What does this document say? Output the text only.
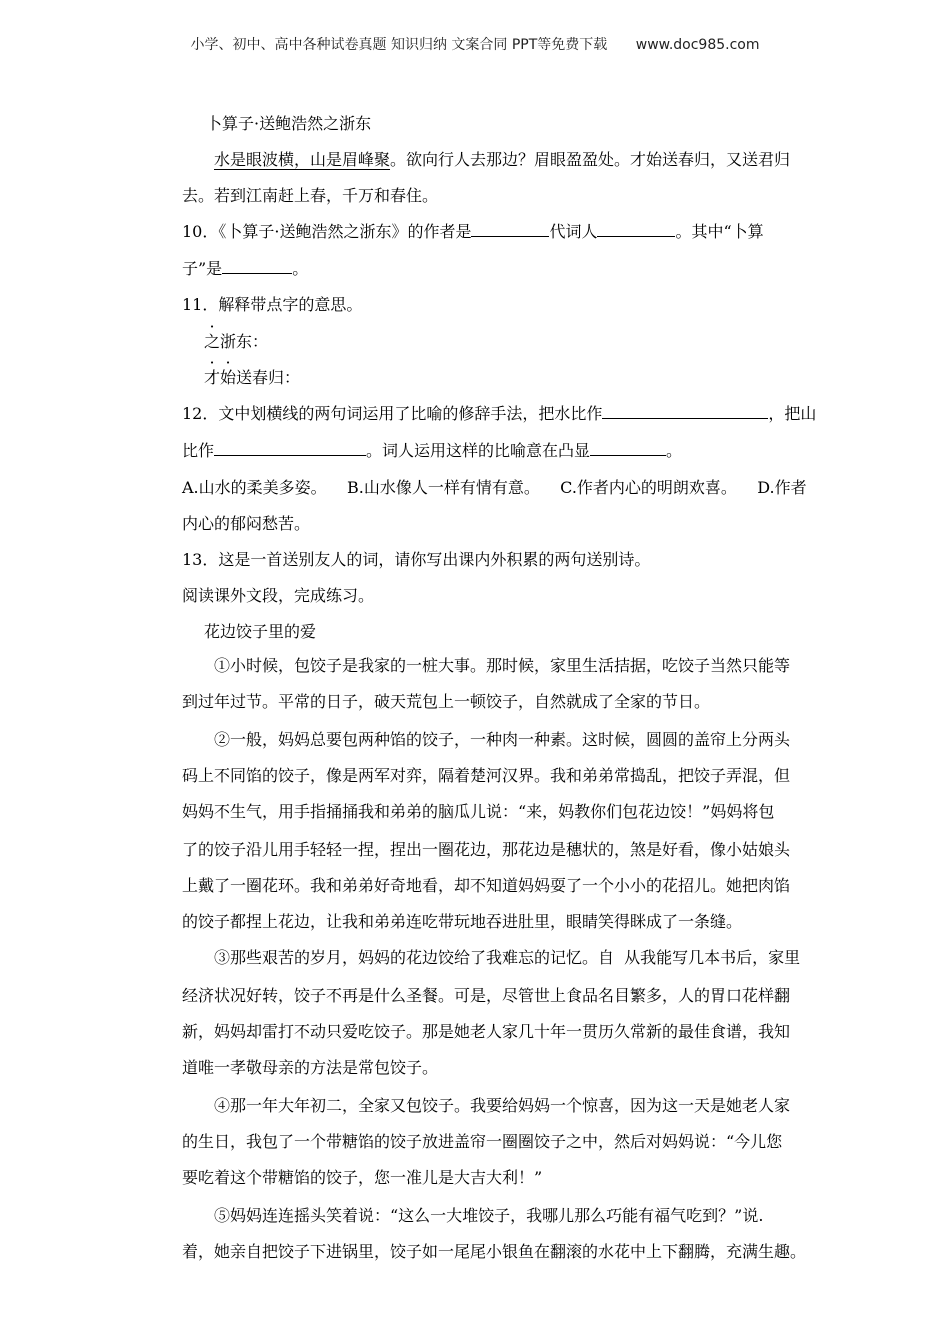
小学、初中、高中各种试卷真题 知识归纳 文案合同 PPT等免费下载 www.doc985.com
卜算子·送鲍浩然之浙东
水是眼波横，山是眉峰聚。欲向行人去那边？眉眼盈盈处。才始送春归，又送君归
去。若到江南赶上春，千万和春住。
10．《卜算子·送鲍浩然之浙东》的作者是	代词人	。其中“卜算
子”是	。
11．解释带点字的意思。
之浙东：
才始送春归：
12．文中划横线的两句词运用了比喻的修辞手法，把水比作	，把山
比作	。词人运用这样的比喻意在凸显	。
A.山水的柔美多姿。    B.山水像人一样有情有意。    C.作者内心的明朗欢喜。    D.作者
内心的郁闷愁苦。
13．这是一首送别友人的词，请你写出课内外积累的两句送别诗。
阅读课外文段，完成练习。
花边饺子里的爱
①小时候，包饺子是我家的一桩大事。那时候，家里生活拮据，吃饺子当然只能等
到过年过节。平常的日子，破天荒包上一顿饺子，自然就成了全家的节日。
②一般，妈妈总要包两种馅的饺子，一种肉一种素。这时候，圆圆的盖帘上分两头
码上不同馅的饺子，像是两军对弈，隔着楚河汉界。我和弟弟常捣乱，把饺子弄混，但
妈妈不生气，用手指捅捅我和弟弟的脑瓜儿说：“来，妈教你们包花边饺！”妈妈将包
了的饺子沿儿用手轻轻一捏，捏出一圈花边，那花边是穗状的，煞是好看，像小姑娘头
上戴了一圈花环。我和弟弟好奇地看，却不知道妈妈耍了一个小小的花招儿。她把肉馅
的饺子都捏上花边，让我和弟弟连吃带玩地吞进肚里，眼睛笑得眯成了一条缝。
③那些艰苦的岁月，妈妈的花边饺给了我难忘的记忆。自  从我能写几本书后，家里
经济状况好转，饺子不再是什么圣餐。可是，尽管世上食品名目繁多，人的胃口花样翻
新，妈妈却雷打不动只爱吃饺子。那是她老人家几十年一贯历久常新的最佳食谱，我知
道唯一孝敬母亲的方法是常包饺子。
④那一年大年初二，全家又包饺子。我要给妈妈一个惊喜，因为这一天是她老人家
的生日，我包了一个带糖馅的饺子放进盖帘一圈圈饺子之中，然后对妈妈说：“今儿您
要吃着这个带糖馅的饺子，您一准儿是大吉大利！”
⑤妈妈连连摇头笑着说：“这么一大堆饺子，我哪儿那么巧能有福气吃到？”说.
着，她亲自把饺子下进锅里，饺子如一尾尾小银鱼在翻滚的水花中上下翻腾，充满生趣。
